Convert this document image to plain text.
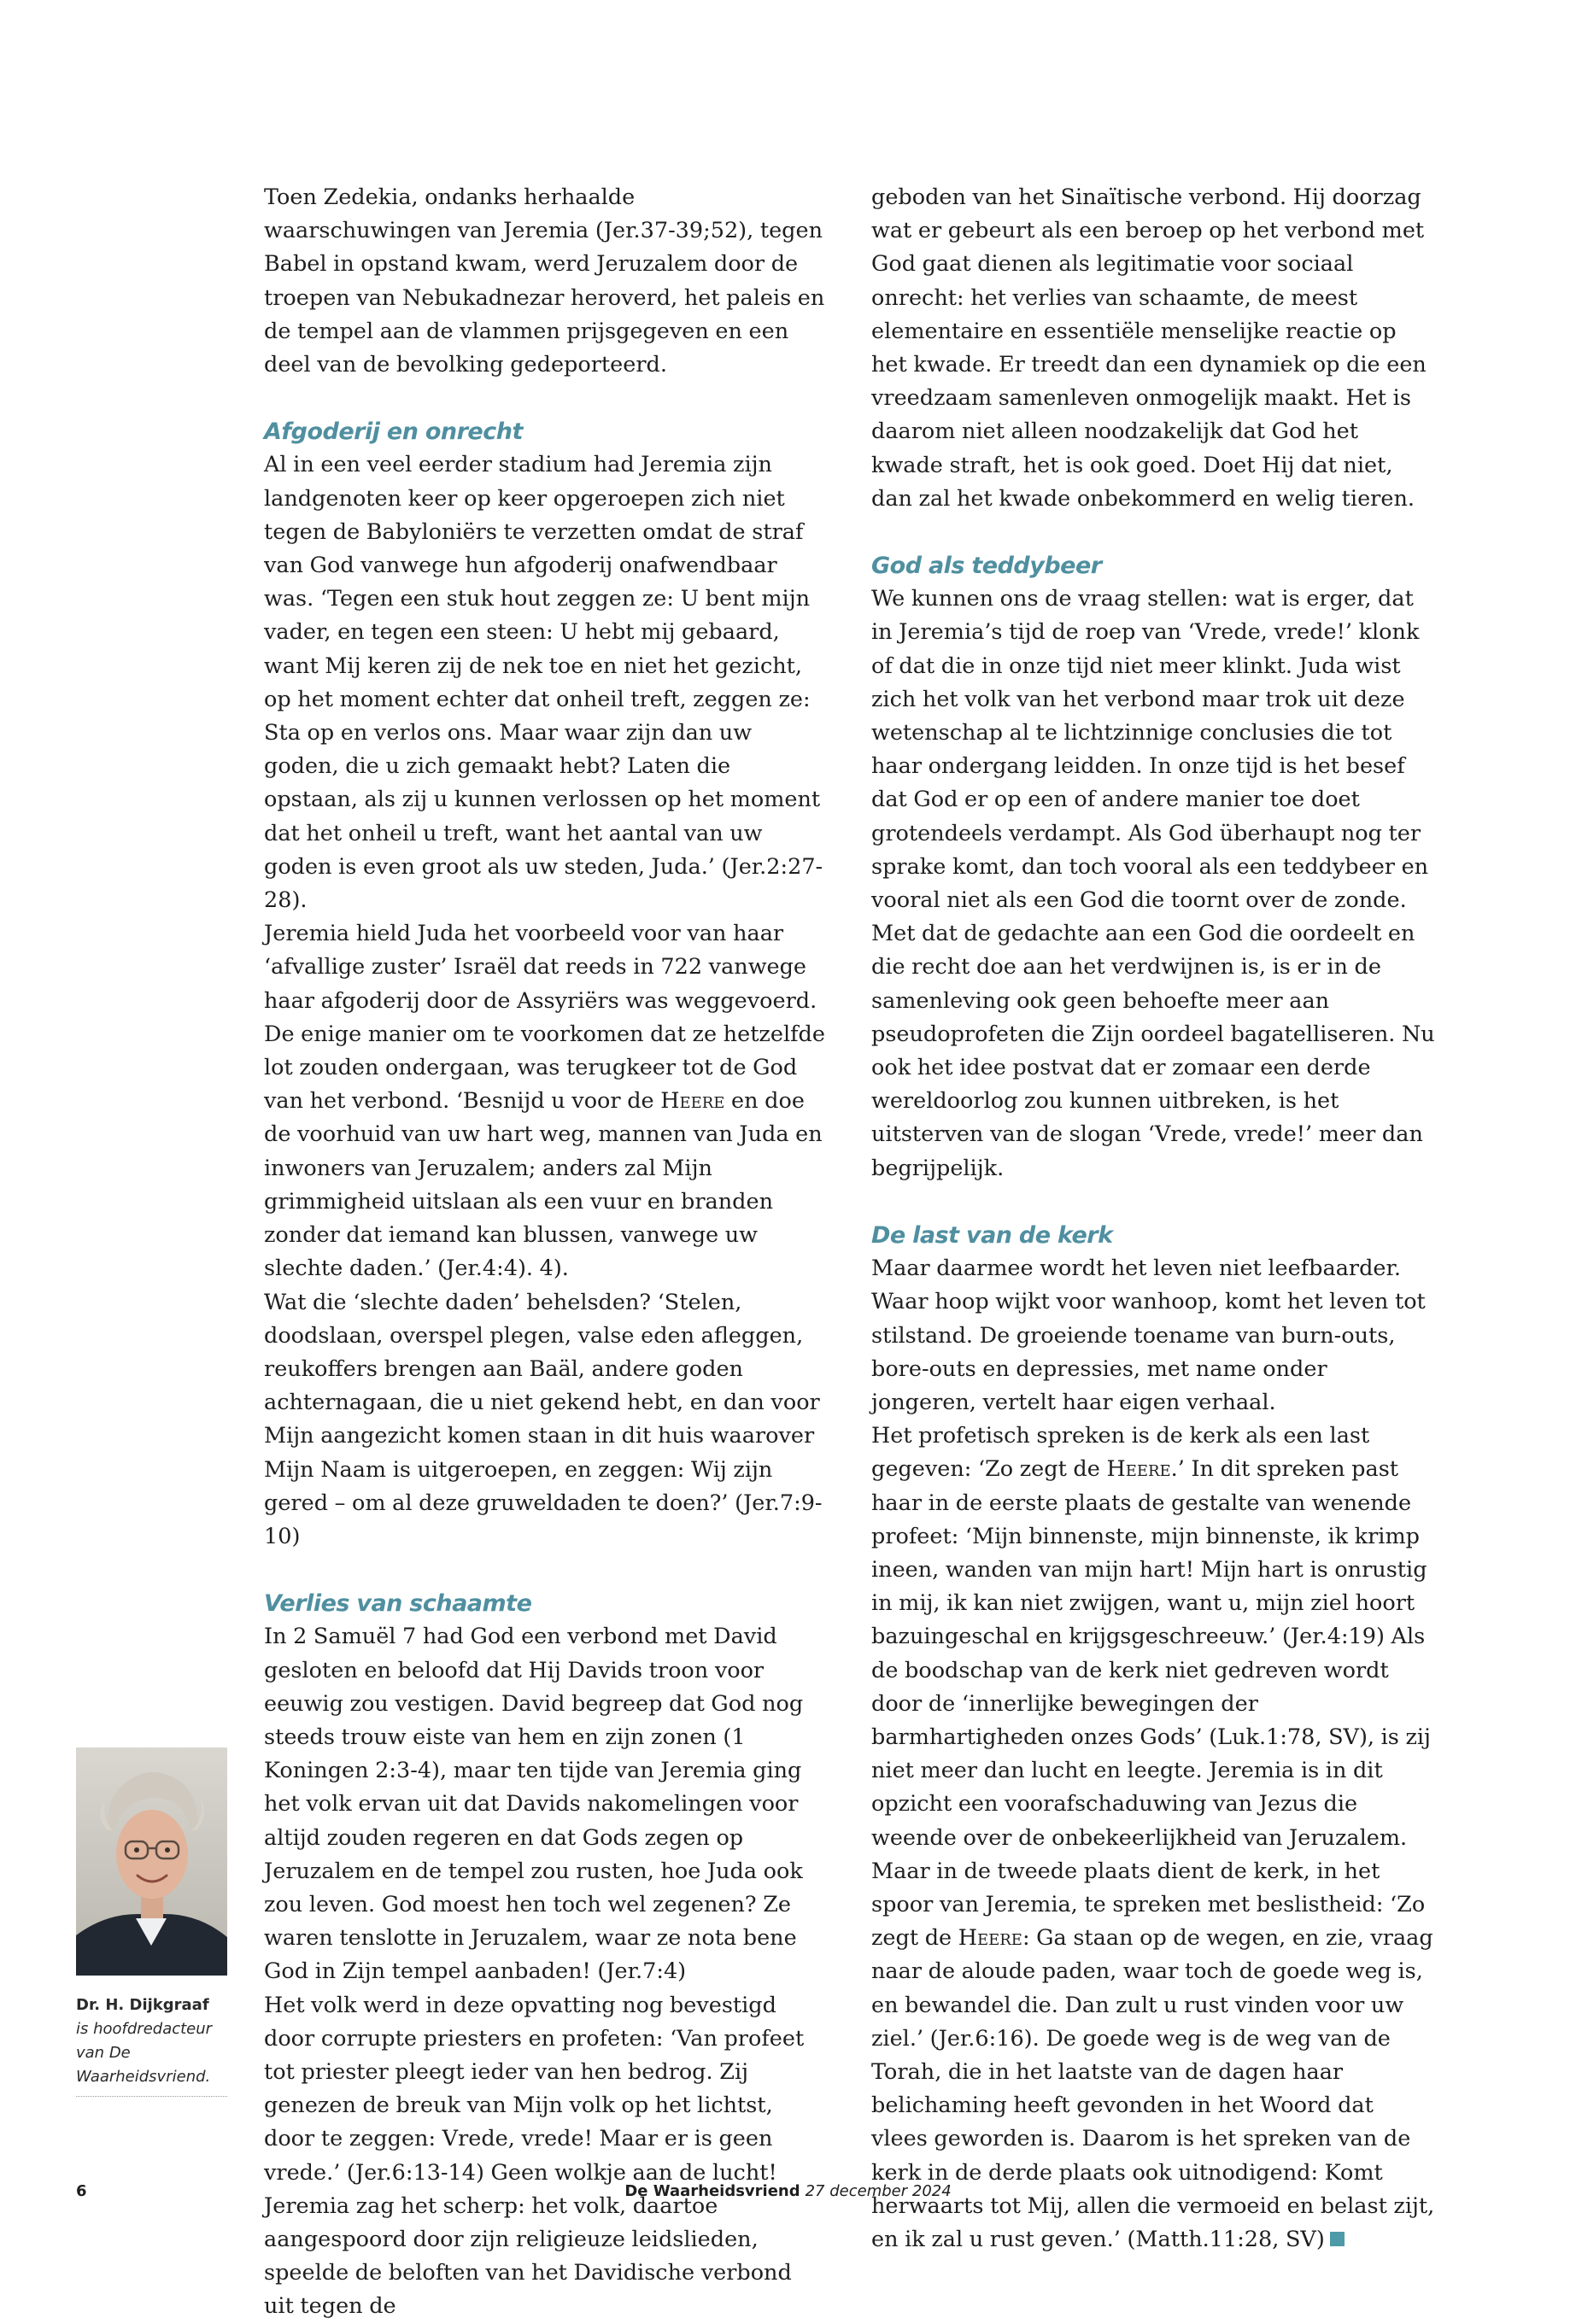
Toen Zedekia, ondanks herhaalde waarschuwingen van Jeremia (Jer.37-39;52), tegen Babel in opstand kwam, werd Jeruzalem door de troepen van Nebukadnezar heroverd, het paleis en de tempel aan de vlammen prijsgegeven en een deel van de bevolking gedeporteerd.

Afgoderij en onrecht

Al in een veel eerder stadium had Jeremia zijn landgenoten keer op keer opgeroepen zich niet tegen de Babyloniërs te verzetten omdat de straf van God vanwege hun afgoderij onafwendbaar was. ‘Tegen een stuk hout zeggen ze: U bent mijn vader, en tegen een steen: U hebt mij gebaard, want Mij keren zij de nek toe en niet het gezicht, op het moment echter dat onheil treft, zeggen ze: Sta op en verlos ons. Maar waar zijn dan uw goden, die u zich gemaakt hebt? Laten die opstaan, als zij u kunnen verlossen op het moment dat het onheil u treft, want het aantal van uw goden is even groot als uw steden, Juda.’ (Jer.2:27-28).

Jeremia hield Juda het voorbeeld voor van haar ‘afvallige zuster’ Israël dat reeds in 722 vanwege haar afgoderij door de Assyriërs was weggevoerd. De enige manier om te voorkomen dat ze hetzelfde lot zouden ondergaan, was terugkeer tot de God van het verbond. ‘Besnijd u voor de Heere en doe de voorhuid van uw hart weg, mannen van Juda en inwoners van Jeruzalem; anders zal Mijn grimmigheid uitslaan als een vuur en branden zonder dat iemand kan blussen, vanwege uw slechte daden.’ (Jer.4:4). 4).

Wat die ‘slechte daden’ behelsden? ‘Stelen, doodslaan, overspel plegen, valse eden afleggen, reukoffers brengen aan Baäl, andere goden achternagaan, die u niet gekend hebt, en dan voor Mijn aangezicht komen staan in dit huis waarover Mijn Naam is uitgeroepen, en zeggen: Wij zijn gered – om al deze gruweldaden te doen?’ (Jer.7:9-10)

Verlies van schaamte

In 2 Samuël 7 had God een verbond met David gesloten en beloofd dat Hij Davids troon voor eeuwig zou vestigen. David begreep dat God nog steeds trouw eiste van hem en zijn zonen (1 Koningen 2:3-4), maar ten tijde van Jeremia ging het volk ervan uit dat Davids nakomelingen voor altijd zouden regeren en dat Gods zegen op Jeruzalem en de tempel zou rusten, hoe Juda ook zou leven. God moest hen toch wel zegenen? Ze waren tenslotte in Jeruzalem, waar ze nota bene God in Zijn tempel aanbaden! (Jer.7:4)

Het volk werd in deze opvatting nog bevestigd door corrupte priesters en profeten: ‘Van profeet tot priester pleegt ieder van hen bedrog. Zij genezen de breuk van Mijn volk op het lichtst, door te zeggen: Vrede, vrede! Maar er is geen vrede.’ (Jer.6:13-14) Geen wolkje aan de lucht!

Jeremia zag het scherp: het volk, daartoe aangespoord door zijn religieuze leidslieden, speelde de beloften van het Davidische verbond uit tegen de

geboden van het Sinaïtische verbond. Hij doorzag wat er gebeurt als een beroep op het verbond met God gaat dienen als legitimatie voor sociaal onrecht: het verlies van schaamte, de meest elementaire en essentiële menselijke reactie op het kwade. Er treedt dan een dynamiek op die een vreedzaam samenleven onmogelijk maakt. Het is daarom niet alleen noodzakelijk dat God het kwade straft, het is ook goed. Doet Hij dat niet, dan zal het kwade onbekommerd en welig tieren.

God als teddybeer

We kunnen ons de vraag stellen: wat is erger, dat in Jeremia’s tijd de roep van ‘Vrede, vrede!’ klonk of dat die in onze tijd niet meer klinkt. Juda wist zich het volk van het verbond maar trok uit deze wetenschap al te lichtzinnige conclusies die tot haar ondergang leidden. In onze tijd is het besef dat God er op een of andere manier toe doet grotendeels verdampt. Als God überhaupt nog ter sprake komt, dan toch vooral als een teddybeer en vooral niet als een God die toornt over de zonde. Met dat de gedachte aan een God die oordeelt en die recht doe aan het verdwijnen is, is er in de samenleving ook geen behoefte meer aan pseudoprofeten die Zijn oordeel bagatelliseren. Nu ook het idee postvat dat er zomaar een derde wereldoorlog zou kunnen uitbreken, is het uitsterven van de slogan ‘Vrede, vrede!’ meer dan begrijpelijk.

De last van de kerk

Maar daarmee wordt het leven niet leefbaarder. Waar hoop wijkt voor wanhoop, komt het leven tot stilstand. De groeiende toename van burn-outs, bore-outs en depressies, met name onder jongeren, vertelt haar eigen verhaal.

Het profetisch spreken is de kerk als een last gegeven: ‘Zo zegt de Heere.’ In dit spreken past haar in de eerste plaats de gestalte van wenende profeet: ‘Mijn binnenste, mijn binnenste, ik krimp ineen, wanden van mijn hart! Mijn hart is onrustig in mij, ik kan niet zwijgen, want u, mijn ziel hoort bazuingeschal en krijgsgeschreeuw.’ (Jer.4:19) Als de boodschap van de kerk niet gedreven wordt door de ‘innerlijke bewegingen der barmhartigheden onzes Gods’ (Luk.1:78, SV), is zij niet meer dan lucht en leegte. Jeremia is in dit opzicht een voorafschaduwing van Jezus die weende over de onbekeerlijkheid van Jeruzalem.

Maar in de tweede plaats dient de kerk, in het spoor van Jeremia, te spreken met beslistheid: ‘Zo zegt de Heere: Ga staan op de wegen, en zie, vraag naar de aloude paden, waar toch de goede weg is, en bewandel die. Dan zult u rust vinden voor uw ziel.’ (Jer.6:16). De goede weg is de weg van de Torah, die in het laatste van de dagen haar belichaming heeft gevonden in het Woord dat vlees geworden is. Daarom is het spreken van de kerk in de derde plaats ook uitnodigend: Komt herwaarts tot Mij, allen die vermoeid en belast zijt, en ik zal u rust geven.’ (Matth.11:28, SV)

Dr. H. Dijkgraaf
is hoofdredacteur van De Waarheidsvriend.
6	De Waarheidsvriend 27 december 2024
